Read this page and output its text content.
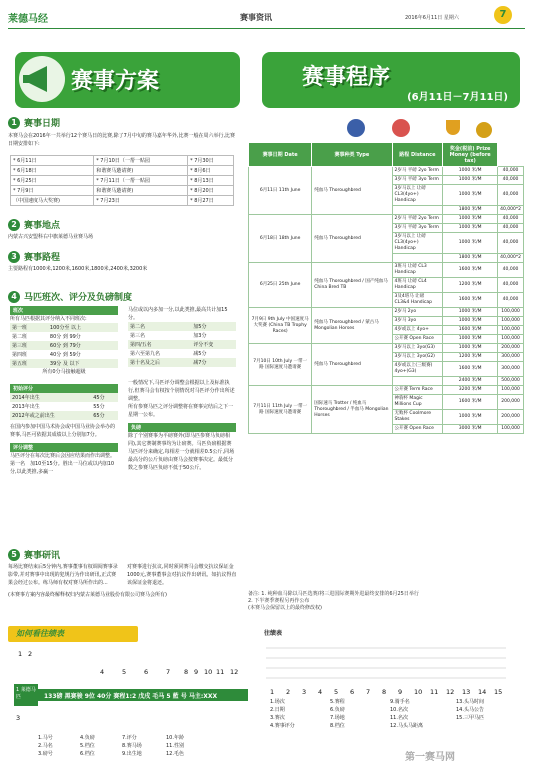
莱德马经	赛事资讯	2016年6月11日 星期六	7
赛事方案	赛事程序
(6月11日－7月11日)
1 赛事日期
本赛马会在2016年一共举行12个赛马日的比赛,除了7月中旬的赛马嘉年华外,比赛一般在周六举行,比赛日期安排如下:
* 6月11日	* 7月10日（一帮一贴园	* 7月30日
* 6月18日	和谐赛马邀请赛)	* 8月6日
* 6月25日	* 7月11日（一帮一贴园	* 8月13日
* 7月9日	和谐赛马邀请赛)	* 8月20日
（中国速度马大奖赛)	* 7月23日	* 8月27日
2 赛事地点
内蒙古兴安盟科右中旗莱德马业赛马场
3 赛事路程
主要路程有1000米,1200米,1600米,1800米,2400米,3200米
4 马匹班次、评分及负磅制度
班次
所有马匹根据其评分纳入不同班次:
第一班	100分至 以上
第二班	80分 到 99分
第三班	60分 到 79分
第四班	40分 到 59分
第五班	39分 及 以下
所有0分马接触超级
初始评分
2014年出生	45分
2013年出生	55分
2012年或之前出生	65分
在国内参加中国马术协会或中国马业协会举办的赛事,马匹可依据其成绩以上分别加7分。
评分调整
马匹评分在每次比赛后会因应结果而作出调整。
第一名　加10至15分。胜出一马位或以内加10分,以此类推,多赢一
马位或以内多加一分,以此类推,最高共计加15分。
第二名	加5分
第三名	加3分
第四/五名	评分不变
第六至第九名	减5分
第十名及之后	减7分
一般情况下,马匹评分调整会根据以上及标准执行,但赛马会有权按个别情况对马匹评分作出所述调整。
所有参赛马匹之评分调整将在赛事完结后之下一星期一公布。
负磅
除了个别赛事为平磅赛外(即马匹参赛马负磅相同),其它赛制赛事均为让磅赛。马匹负磅根据赛马匹评分来确定,每相差一分就相差0.5公斤,同场最高分的公斤负磅由赛马会按赛事决定。最低分数之参赛马匹负磅不低于50公斤。
5 赛事研讯
每场比赛结束后5分钟内,赛事董事有权调阅赛事录影带,并对赛事中出现的犯规行为作出研讯,正式赛果会经过公布。练马师有权对赛马所作出的...
对赛事进行抗议,同时须同赛马会缴交抗议保证金1000元,赛事董事会对抗议作出研讯。如抗议得直该保证金将退还。
(本赛事方案内容最终解释权归内蒙古莱德马业股份有限公司赛马会所有)
赛事日期 Date	赛事种类 Type	路程 Distance	奖金(税前) Prize Money (before tax)	
6月11日 11th June	纯血马 Thoroughbred	2岁马 平磅 2yo Term	1000 米/M	40,000
		3岁马 平磅 3yo Term	1000 米/M	40,000
		3岁马以上 让磅 CL3(4yo+) Handicap	1000 米/M	40,000
			1800 米/M	40,000*2
6月18日 18th June	纯血马 Thoroughbred	2岁马 平磅 2yo Term	1000 米/M	40,000
		3岁马 平磅 3yo Term	1000 米/M	40,000
		3岁马以上 让磅 CL3(4yo+) Handicap	1000 米/M	40,000
			1800 米/M	40,000*2
6月25日 25th June	纯血马 Thoroughbred / 国产纯血马 China Bred TB	3班马 让磅 CL3 Handicap	1600 米/M	40,000
		4班马 让磅 CL4 Handicap	1200 米/M	40,000
		3及4班马 让磅 CL3&4 Handicap	1600 米/M	40,000
7月9日 9th July 中国速度马大奖赛 (China TB Trophy Races)	纯血马 Thoroughbred / 蒙古马 Mongolian Horses	2岁马 2yo	1000 米/M	100,000
		3岁马 3yo	1000 米/M	100,000
		4岁或以上 4yo+	1600 米/M	100,000
		公开赛 Open Race	1000 米/M	100,000
7月10日 10th July 一带一路 国际速度马邀请赛	纯血马 Thoroughbred	3岁马以上 3yo(G3)	1000 米/M	200,000
		3岁马以上 3yo(G2)	1200 米/M	300,000
		4岁或以上(三级赛) 4yo+(G3)	1600 米/M	300,000
			2400 米/M	500,000
7月11日 11th July 一带一路 国际速度马邀请赛	国际速马 Trotter / 纯血马 Thoroughbred / 半血马 Mongolian Horses	公开赛 Term Race	3200 米/M	100,000
		神驹杯 Magic Millions Cup	1600 米/M	200,000
		无败杯 Coolmore Stakes	1000 米/M	200,000
		公开赛 Open Race	3000 米/M	100,000
备注: 1. 纯种血马除以马匹选赛/将三进国际赛期外进最终安排的6月25日举行
2. 下半赛季赛程另再作公布
(本赛马会保留以上的最终修改权)
如何看往绩表
4	5	6	7 8 9 10 11 12
1 2
3
1 莱德马匹	133磅 黑赛骏 9位 40分 赛程1:2 戊戌 毛马 5 藍 号 马主:XXX
往绩表
1 2 3 4 5 6 7 8 9 10 11 12 13 14 15
1.马号
2.马名
3.磅号
4.负磅
5.档位
6.档位
7.评分
8.赛马场
9.出生地
10.年龄
11.性别
12.毛色
1.场次
2.日期
3.赛次
4.赛事评分
5.赛程
6.负磅
7.场地
8.档位
9.骑手名
10.名次
11.名次
12.马头马距离
13.头马时间
14.头马公告
15.三甲马匹
第一赛马网
